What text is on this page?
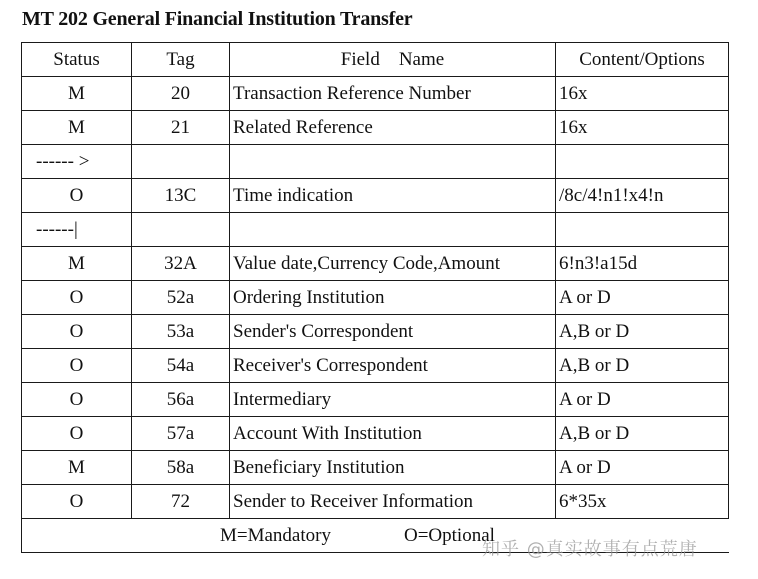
MT 202 General Financial Institution Transfer
Status	Tag	Field    Name	Content/Options
M	20	Transaction Reference Number	16x
M	21	Related Reference	16x
------ >			
O	13C	Time indication	/8c/4!n1!x4!n
------|			
M	32A	Value date,Currency Code,Amount	6!n3!a15d
O	52a	Ordering Institution	A or D
O	53a	Sender's Correspondent	A,B or D
O	54a	Receiver's Correspondent	A,B or D
O	56a	Intermediary	A or D
O	57a	Account With Institution	A,B or D
M	58a	Beneficiary Institution	A or D
O	72	Sender to Receiver Information	6*35x

M=Mandatory O=Optional			
知乎 @真实故事有点荒唐
